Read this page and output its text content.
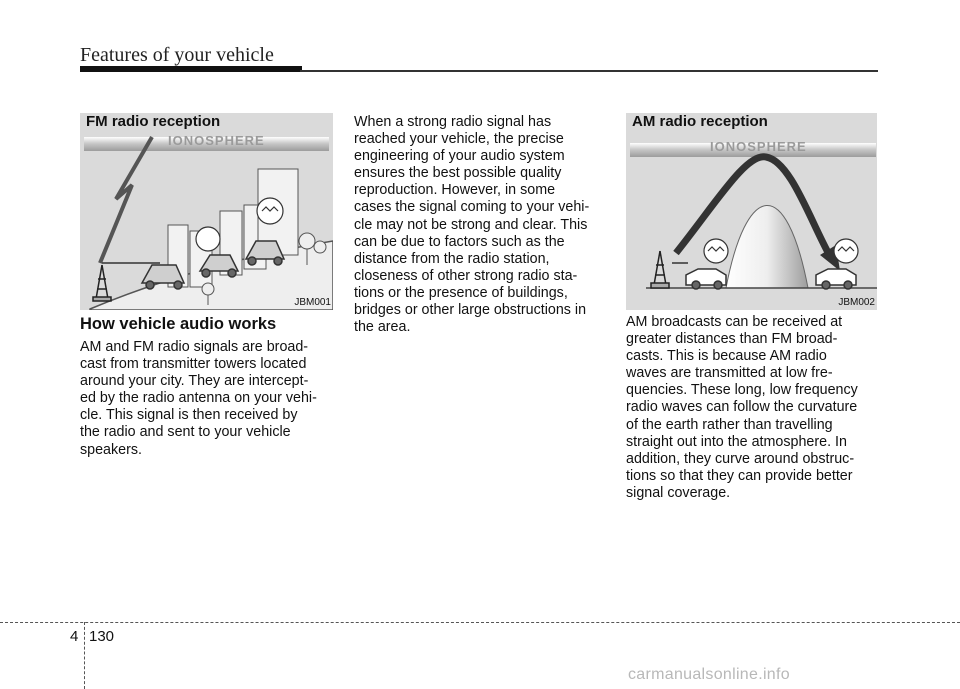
Features of your vehicle
FM radio reception
IONOSPHERE
JBM001
AM radio reception
IONOSPHERE
JBM002
How vehicle audio works
AM and FM radio signals are broad-
cast from transmitter towers located
around your city. They are intercept-
ed by the radio antenna on your vehi-
cle. This signal is then received by
the radio and sent to your vehicle
speakers.
When a strong radio signal has
reached your vehicle, the precise
engineering of your audio system
ensures the best possible quality
reproduction. However, in some
cases the signal coming to your vehi-
cle may not be strong and clear. This
can be due to factors such as the
distance from the radio station,
closeness of other strong radio sta-
tions or the presence of buildings,
bridges or other large obstructions in
the area.	AM broadcasts can be received at
greater distances than FM broad-
casts. This is because AM radio
waves are transmitted at low fre-
quencies. These long, low frequency
radio waves can follow the curvature
of the earth rather than travelling
straight out into the atmosphere. In
addition, they curve around obstruc-
tions so that they can provide better
signal coverage.
4 130
carmanualsonline.info
